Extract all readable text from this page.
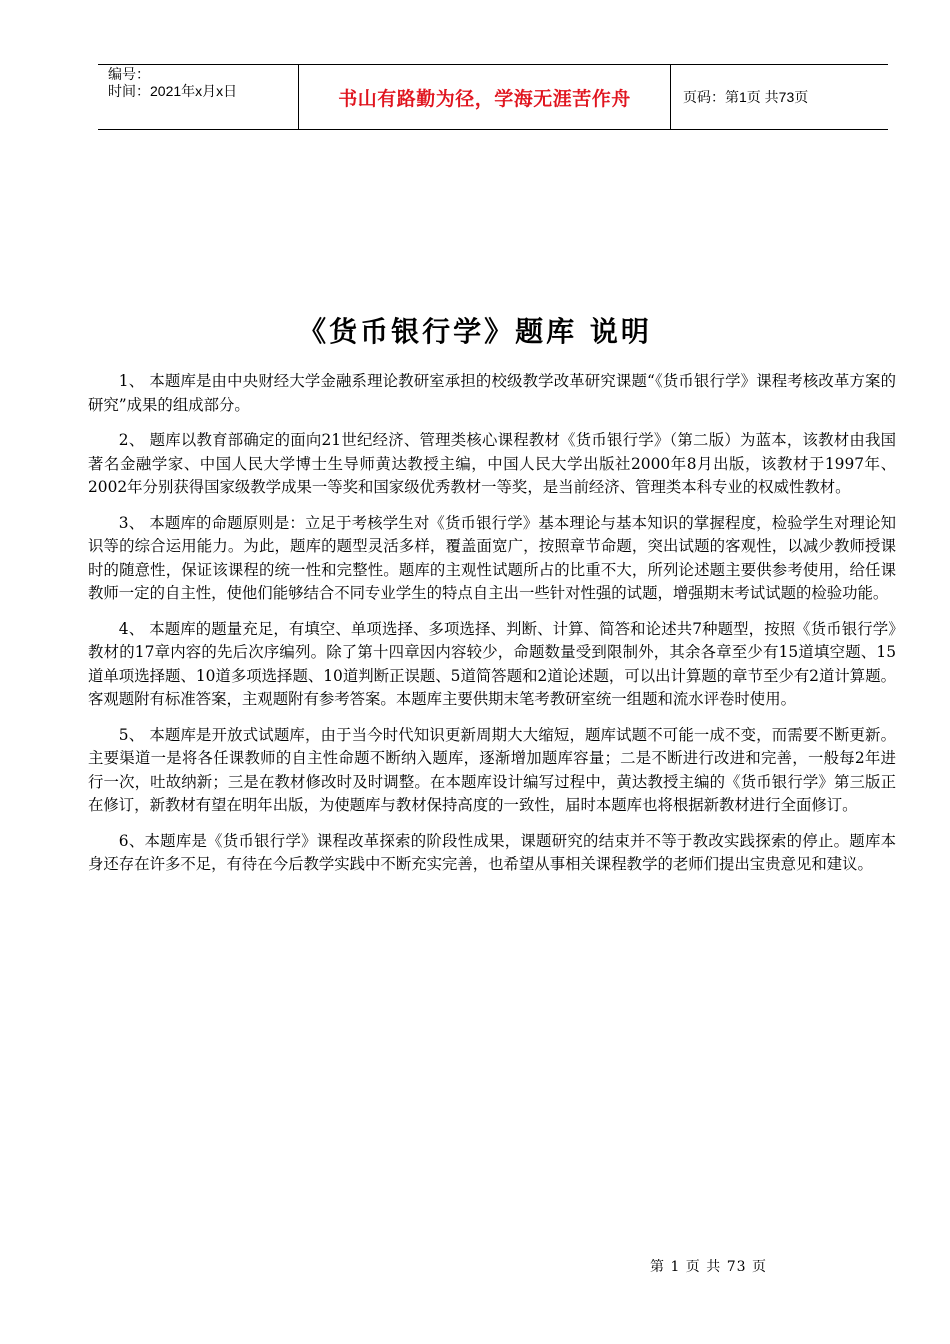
编号：
时间：2021年x月x日	书山有路勤为径，学海无涯苦作舟	页码：第1页 共73页
《货币银行学》题库 说明

1、 本题库是由中央财经大学金融系理论教研室承担的校级教学改革研究课题“《货币银行学》课程考核改革方案的研究”成果的组成部分。

2、 题库以教育部确定的面向21世纪经济、管理类核心课程教材《货币银行学》（第二版）为蓝本，该教材由我国著名金融学家、中国人民大学博士生导师黄达教授主编，中国人民大学出版社2000年8月出版，该教材于1997年、2002年分别获得国家级教学成果一等奖和国家级优秀教材一等奖，是当前经济、管理类本科专业的权威性教材。

3、 本题库的命题原则是：立足于考核学生对《货币银行学》基本理论与基本知识的掌握程度，检验学生对理论知识等的综合运用能力。为此，题库的题型灵活多样，覆盖面宽广，按照章节命题，突出试题的客观性，以减少教师授课时的随意性，保证该课程的统一性和完整性。题库的主观性试题所占的比重不大，所列论述题主要供参考使用，给任课教师一定的自主性，使他们能够结合不同专业学生的特点自主出一些针对性强的试题，增强期末考试试题的检验功能。

4、 本题库的题量充足，有填空、单项选择、多项选择、判断、计算、简答和论述共7种题型，按照《货币银行学》教材的17章内容的先后次序编列。除了第十四章因内容较少，命题数量受到限制外，其余各章至少有15道填空题、15道单项选择题、10道多项选择题、10道判断正误题、5道简答题和2道论述题，可以出计算题的章节至少有2道计算题。客观题附有标准答案，主观题附有参考答案。本题库主要供期末笔考教研室统一组题和流水评卷时使用。

5、 本题库是开放式试题库，由于当今时代知识更新周期大大缩短，题库试题不可能一成不变，而需要不断更新。主要渠道一是将各任课教师的自主性命题不断纳入题库，逐渐增加题库容量；二是不断进行改进和完善，一般每2年进行一次，吐故纳新；三是在教材修改时及时调整。在本题库设计编写过程中，黄达教授主编的《货币银行学》第三版正在修订，新教材有望在明年出版，为使题库与教材保持高度的一致性，届时本题库也将根据新教材进行全面修订。

6、本题库是《货币银行学》课程改革探索的阶段性成果，课题研究的结束并不等于教改实践探索的停止。题库本身还存在许多不足，有待在今后教学实践中不断充实完善，也希望从事相关课程教学的老师们提出宝贵意见和建议。

第 1 页 共 73 页
